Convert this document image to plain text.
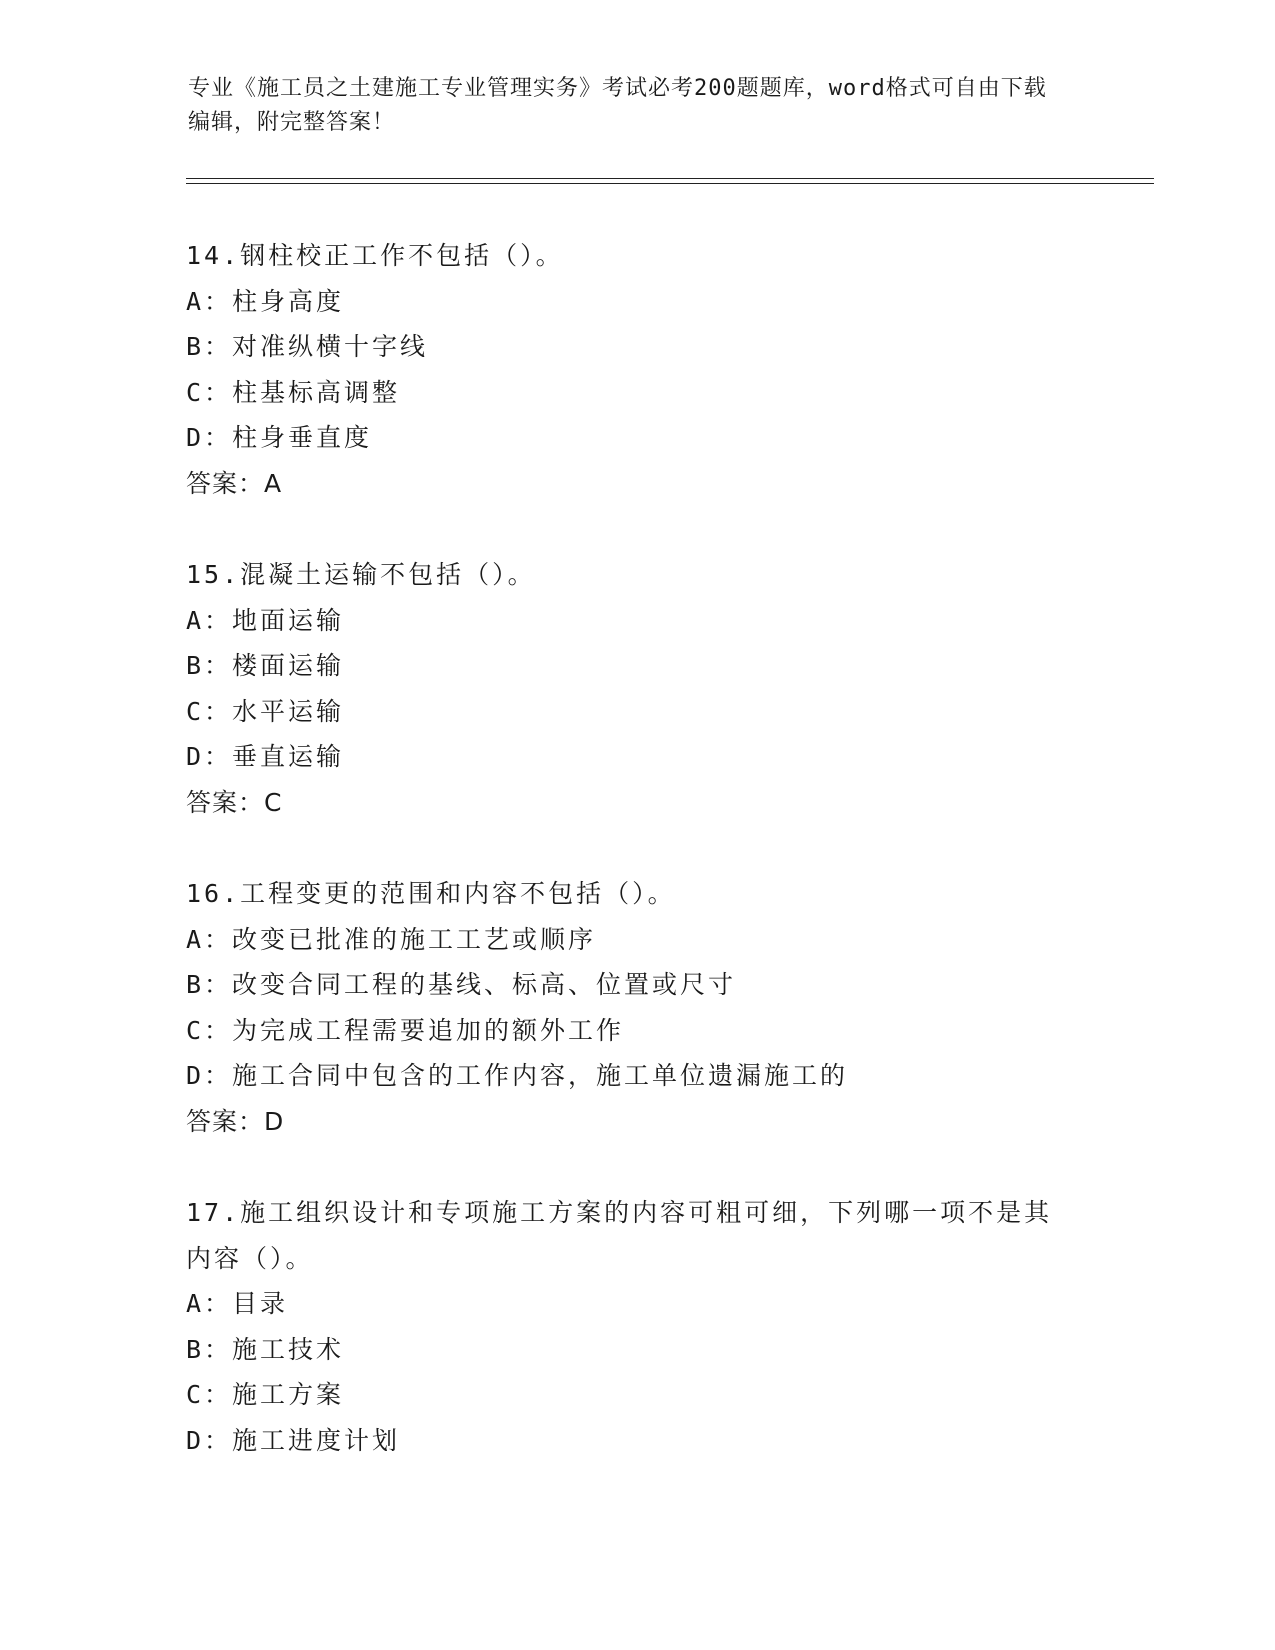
专业《施工员之土建施工专业管理实务》考试必考200题题库，word格式可自由下载编辑，附完整答案！
14.钢柱校正工作不包括（）。
A：柱身高度
B：对准纵横十字线
C：柱基标高调整
D：柱身垂直度
答案：A
15.混凝土运输不包括（）。
A：地面运输
B：楼面运输
C：水平运输
D：垂直运输
答案：C
16.工程变更的范围和内容不包括（）。
A：改变已批准的施工工艺或顺序
B：改变合同工程的基线、标高、位置或尺寸
C：为完成工程需要追加的额外工作
D：施工合同中包含的工作内容，施工单位遗漏施工的
答案：D
17.施工组织设计和专项施工方案的内容可粗可细，下列哪一项不是其内容（）。
A：目录
B：施工技术
C：施工方案
D：施工进度计划
